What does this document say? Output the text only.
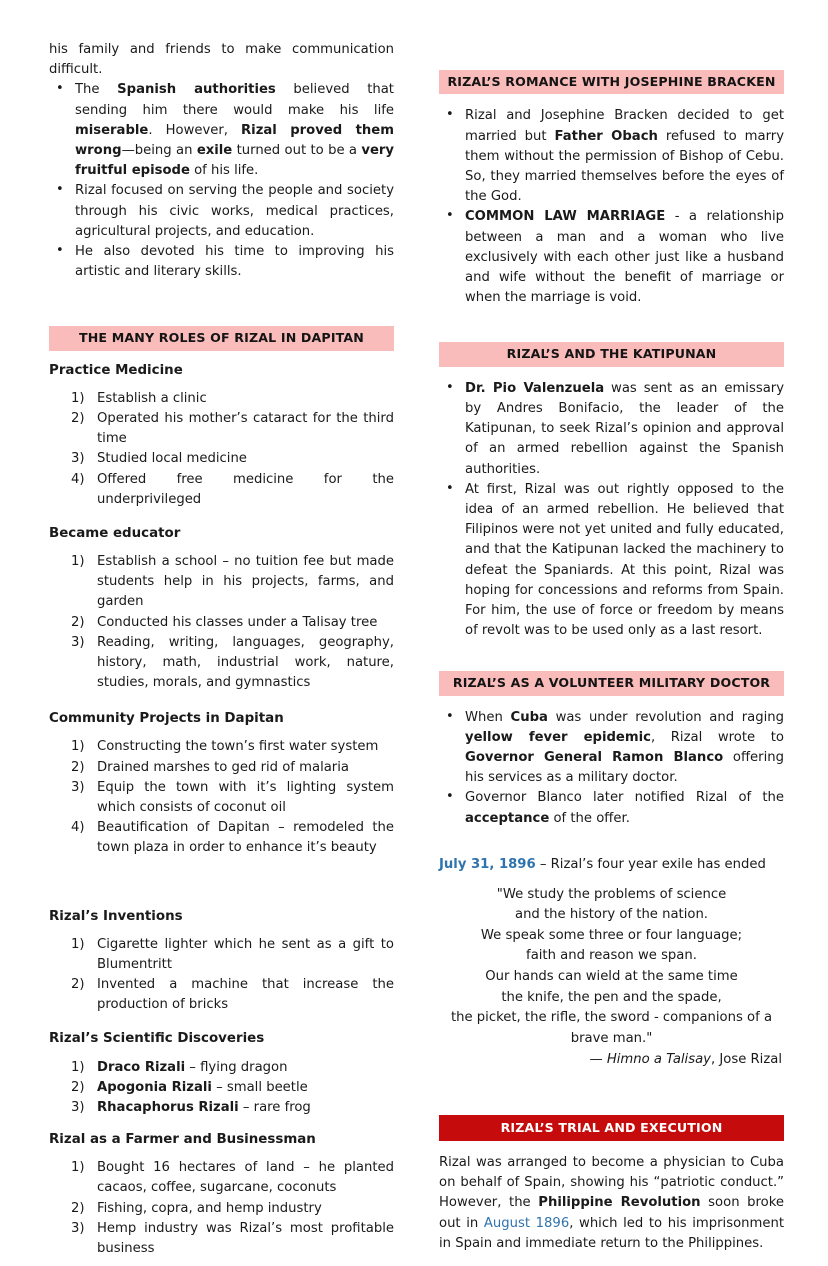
his family and friends to make communication difficult.

• The Spanish authorities believed that sending him there would make his life miserable. However, Rizal proved them wrong—being an exile turned out to be a very fruitful episode of his life.
• Rizal focused on serving the people and society through his civic works, medical practices, agricultural projects, and education.
• He also devoted his time to improving his artistic and literary skills.
THE MANY ROLES OF RIZAL IN DAPITAN
Practice Medicine
Establish a clinic
Operated his mother’s cataract for the third time
Studied local medicine
Offered free medicine for the underprivileged
Became educator
Establish a school – no tuition fee but made students help in his projects, farms, and garden
Conducted his classes under a Talisay tree
Reading, writing, languages, geography, history, math, industrial work, nature, studies, morals, and gymnastics
Community Projects in Dapitan
Constructing the town’s first water system
Drained marshes to ged rid of malaria
Equip the town with it’s lighting system which consists of coconut oil
Beautification of Dapitan – remodeled the town plaza in order to enhance it’s beauty
Rizal’s Inventions
Cigarette lighter which he sent as a gift to Blumentritt
Invented a machine that increase the production of bricks
Rizal’s Scientific Discoveries
Draco Rizali – flying dragon
Apogonia Rizali – small beetle
Rhacaphorus Rizali – rare frog
Rizal as a Farmer and Businessman
Bought 16 hectares of land – he planted cacaos, coffee, sugarcane, coconuts
Fishing, copra, and hemp industry
Hemp industry was Rizal’s most profitable business
RIZAL’S ROMANCE WITH JOSEPHINE BRACKEN
• Rizal and Josephine Bracken decided to get married but Father Obach refused to marry them without the permission of Bishop of Cebu. So, they married themselves before the eyes of the God.
• COMMON LAW MARRIAGE - a relationship between a man and a woman who live exclusively with each other just like a husband and wife without the benefit of marriage or when the marriage is void.
RIZAL’S AND THE KATIPUNAN
• Dr. Pio Valenzuela was sent as an emissary by Andres Bonifacio, the leader of the Katipunan, to seek Rizal’s opinion and approval of an armed rebellion against the Spanish authorities.
• At first, Rizal was out rightly opposed to the idea of an armed rebellion. He believed that Filipinos were not yet united and fully educated, and that the Katipunan lacked the machinery to defeat the Spaniards. At this point, Rizal was hoping for concessions and reforms from Spain. For him, the use of force or freedom by means of revolt was to be used only as a last resort.
RIZAL’S AS A VOLUNTEER MILITARY DOCTOR
• When Cuba was under revolution and raging yellow fever epidemic, Rizal wrote to Governor General Ramon Blanco offering his services as a military doctor.
• Governor Blanco later notified Rizal of the acceptance of the offer.
July 31, 1896 – Rizal’s four year exile has ended
"We study the problems of science
and the history of the nation.
We speak some three or four language;
faith and reason we span.
Our hands can wield at the same time
the knife, the pen and the spade,
the picket, the rifle, the sword - companions of a
brave man."
— Himno a Talisay, Jose Rizal
RIZAL’S TRIAL AND EXECUTION

Rizal was arranged to become a physician to Cuba on behalf of Spain, showing his “patriotic conduct.” However, the Philippine Revolution soon broke out in August 1896, which led to his imprisonment in Spain and immediate return to the Philippines.
